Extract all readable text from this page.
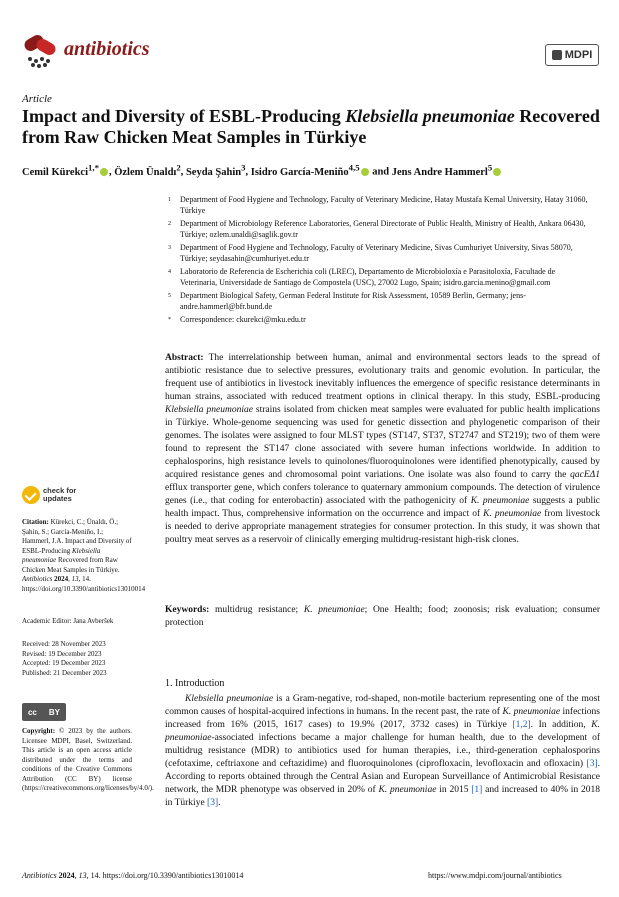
antibiotics	MDPI
Article
Impact and Diversity of ESBL-Producing Klebsiella pneumoniae Recovered from Raw Chicken Meat Samples in Türkiye
Cemil Kürekci$^{1,*}$ , Özlem Ünaldı$^2$, Seyda Şahin$^3$, Isidro García-Meniño$^{4,5}$ and Jens Andre Hammerl$^5$
1	Department of Food Hygiene and Technology, Faculty of Veterinary Medicine, Hatay Mustafa Kemal University, Hatay 31060, Türkiye
2	Department of Microbiology Reference Laboratories, General Directorate of Public Health, Ministry of Health, Ankara 06430, Türkiye; ozlem.unaldi@saglik.gov.tr
3	Department of Food Hygiene and Technology, Faculty of Veterinary Medicine, Sivas Cumhuriyet University, Sivas 58070, Türkiye; seydasahin@cumhuriyet.edu.tr
4	Laboratorio de Referencia de Escherichia coli (LREC), Departamento de Microbioloxía e Parasitoloxía, Facultade de Veterinaria, Universidade de Santiago de Compostela (USC), 27002 Lugo, Spain; isidro.garcia.menino@gmail.com
5	Department Biological Safety, German Federal Institute for Risk Assessment, 10589 Berlin, Germany; jens-andre.hammerl@bfr.bund.de
*	Correspondence: ckurekci@mku.edu.tr
Abstract: The interrelationship between human, animal and environmental sectors leads to the spread of antibiotic resistance due to selective pressures, evolutionary traits and genomic evolution. In particular, the frequent use of antibiotics in livestock inevitably influences the emergence of specific resistance determinants in human strains, associated with reduced treatment options in clinical therapy. In this study, ESBL-producing Klebsiella pneumoniae strains isolated from chicken meat samples were evaluated for public health implications in Türkiye. Whole-genome sequencing was used for genetic dissection and phylogenetic comparison of their genomes. The isolates were assigned to four MLST types (ST147, ST37, ST2747 and ST219); two of them were found to represent the ST147 clone associated with severe human infections worldwide. In addition to cephalosporins, high resistance levels to quinolones/fluoroquinolones were identified phenotypically, caused by acquired resistance genes and chromosomal point variations. One isolate was also found to carry the qacEΔ1 efflux transporter gene, which confers tolerance to quaternary ammonium compounds. The detection of virulence genes (i.e., that coding for enterobactin) associated with the pathogenicity of K. pneumoniae suggests a public health impact. Thus, comprehensive information on the occurrence and impact of K. pneumoniae from livestock is needed to derive appropriate management strategies for consumer protection. In this study, it was shown that poultry meat serves as a reservoir of clinically emerging multidrug-resistant high-risk clones.
Keywords: multidrug resistance; K. pneumoniae; One Health; food; zoonosis; risk evaluation; consumer protection
check for updates
Citation: Kürekci, C.; Ünaldı, Ö.; Şahin, S.; García-Meniño, I.; Hammerl, J.A. Impact and Diversity of ESBL-Producing Klebsiella pneumoniae Recovered from Raw Chicken Meat Samples in Türkiye. Antibiotics 2024, 13, 14. https://doi.org/10.3390/antibiotics13010014
Academic Editor: Jana Avberšek
Received: 28 November 2023
Revised: 19 December 2023
Accepted: 19 December 2023
Published: 21 December 2023
cc BY
Copyright: © 2023 by the authors. Licensee MDPI, Basel, Switzerland. This article is an open access article distributed under the terms and conditions of the Creative Commons Attribution (CC BY) license (https://creativecommons.org/licenses/by/4.0/).
1. Introduction
Klebsiella pneumoniae is a Gram-negative, rod-shaped, non-motile bacterium representing one of the most common causes of hospital-acquired infections in humans. In the recent past, the rate of K. pneumoniae infections increased from 16% (2015, 1617 cases) to 19.9% (2017, 3732 cases) in Türkiye [1,2]. In addition, K. pneumoniae-associated infections became a major challenge for human health, due to the development of multidrug resistance (MDR) to antibiotics used for human therapies, i.e., third-generation cephalosporins (cefotaxime, ceftriaxone and ceftazidime) and fluoroquinolones (ciprofloxacin, levofloxacin and ofloxacin) [3]. According to reports obtained through the Central Asian and European Surveillance of Antimicrobial Resistance network, the MDR phenotype was observed in 20% of K. pneumoniae in 2015 [1] and increased to 40% in 2018 in Türkiye [3].
Antibiotics 2024, 13, 14. https://doi.org/10.3390/antibiotics13010014	https://www.mdpi.com/journal/antibiotics
